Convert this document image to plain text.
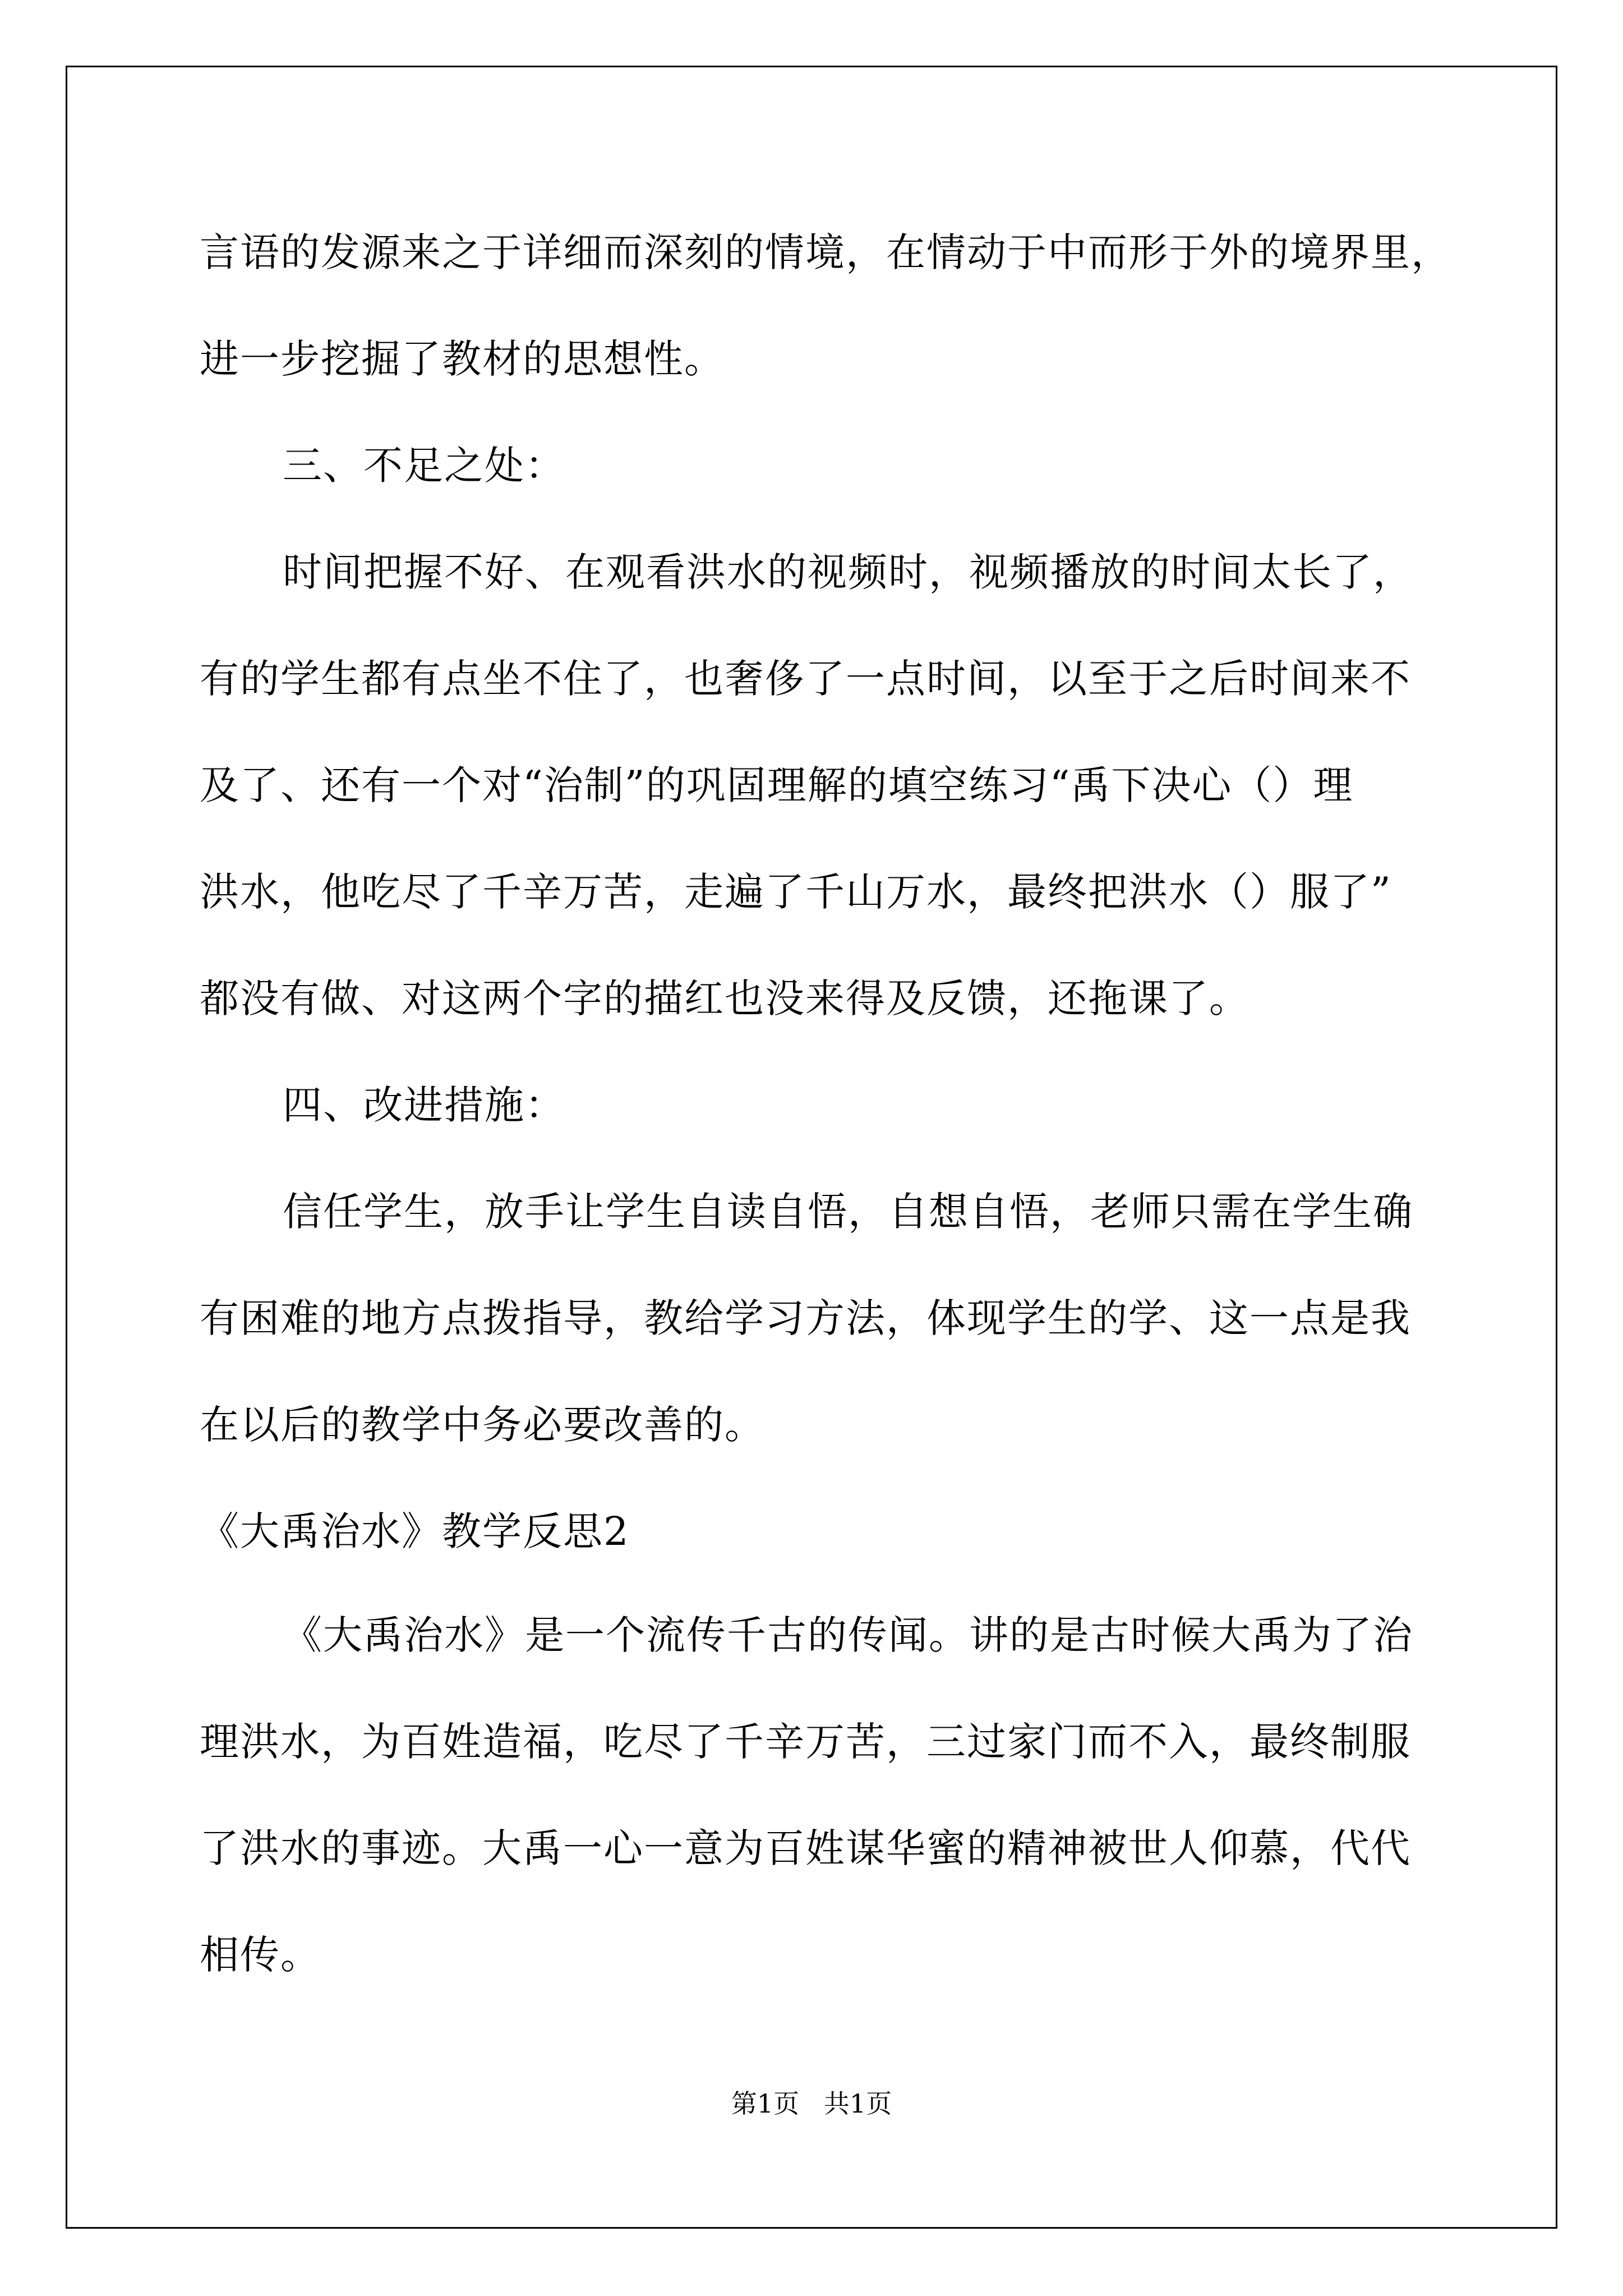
言语的发源来之于详细而深刻的情境，在情动于中而形于外的境界里，
进一步挖掘了教材的思想性。
三、不足之处：
时间把握不好、在观看洪水的视频时，视频播放的时间太长了，
有的学生都有点坐不住了，也奢侈了一点时间，以至于之后时间来不
及了、还有一个对“治制”的巩固理解的填空练习“禹下决心（）理
洪水，他吃尽了千辛万苦，走遍了千山万水，最终把洪水（）服了”
都没有做、对这两个字的描红也没来得及反馈，还拖课了。
四、改进措施：
信任学生，放手让学生自读自悟，自想自悟，老师只需在学生确
有困难的地方点拨指导，教给学习方法，体现学生的学、这一点是我
在以后的教学中务必要改善的。
《大禹治水》教学反思2
《大禹治水》是一个流传千古的传闻。讲的是古时候大禹为了治
理洪水，为百姓造福，吃尽了千辛万苦，三过家门而不入，最终制服
了洪水的事迹。大禹一心一意为百姓谋华蜜的精神被世人仰慕，代代
相传。
第1页   共1页
